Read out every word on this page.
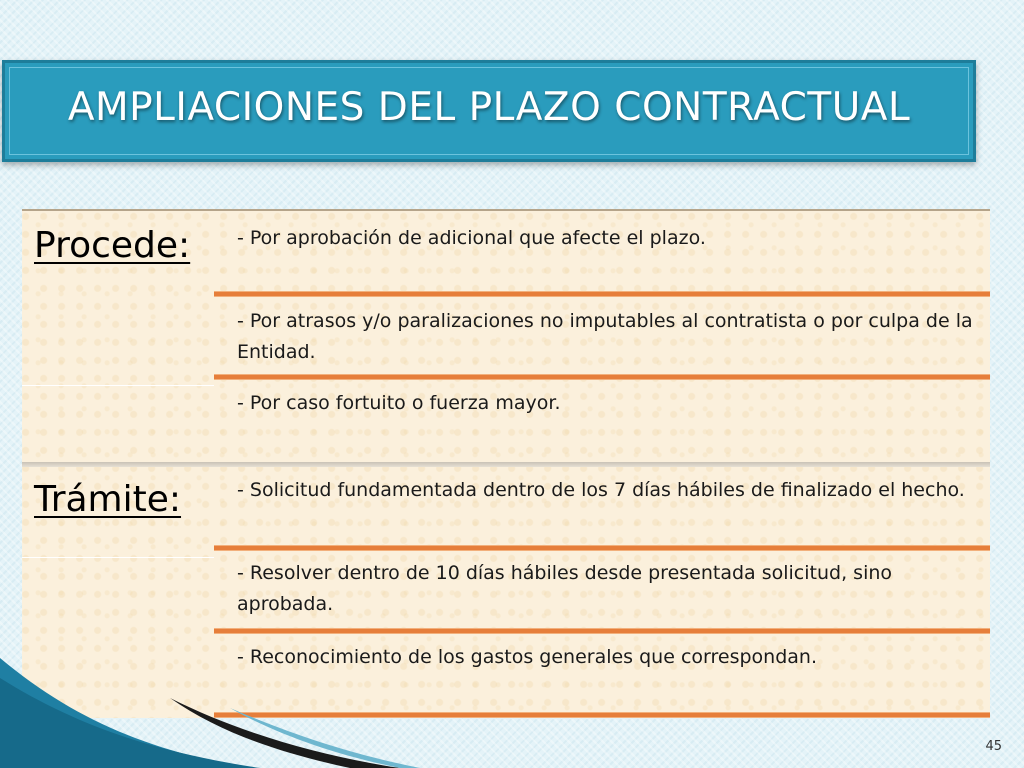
AMPLIACIONES DEL PLAZO CONTRACTUAL
Procede: - Por aprobación de adicional que afecte el plazo.
- Por atrasos y/o paralizaciones no imputables al contratista o por culpa de la Entidad.
- Por caso fortuito o fuerza mayor.
Trámite:	- Solicitud fundamentada dentro de los 7 días hábiles de finalizado el hecho.
- Resolver dentro de 10 días hábiles desde presentada solicitud, sino aprobada.
- Reconocimiento de los gastos generales que correspondan.
45
